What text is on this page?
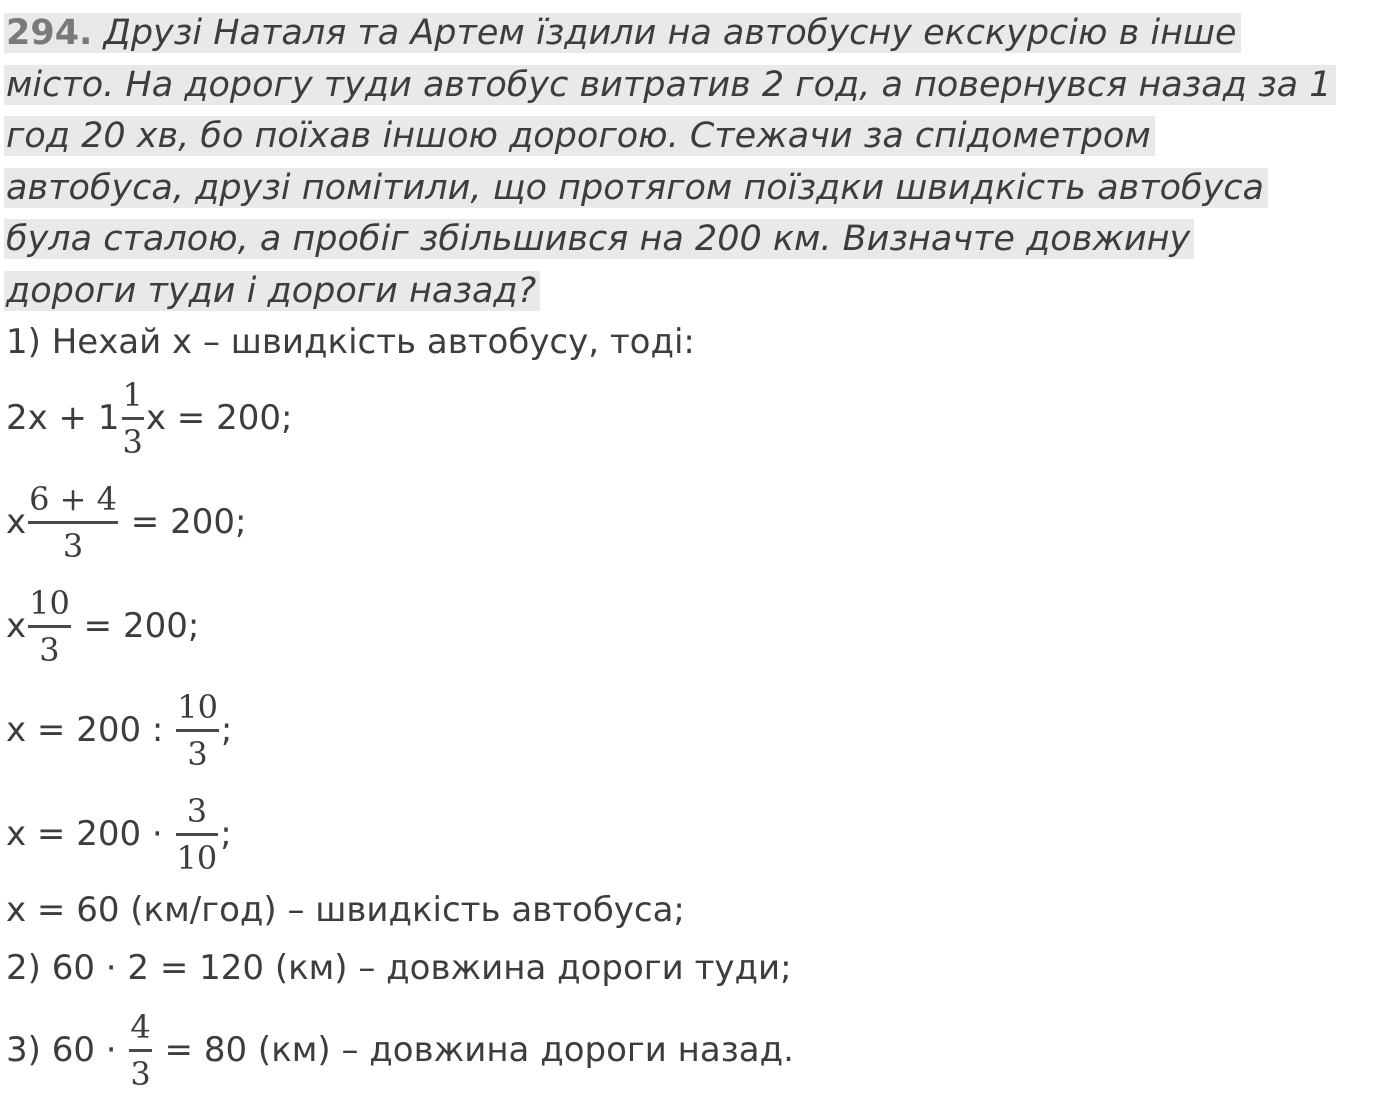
294. Друзі Наталя та Артем їздили на автобусну екскурсію в інше
місто. На дорогу туди автобус витратив 2 год, а повернувся назад за 1
год 20 хв, бо поїхав іншою дорогою. Стежачи за спідометром
автобуса, друзі помітили, що протягом поїздки швидкість автобуса
була сталою, а пробіг збільшився на 200 км. Визначте довжину
дороги туди і дороги назад?
1) Нехай x – швидкість автобусу, тоді:
$2x + 1 \frac{1}{3}$ x = 200;
x $\frac{6 + 4}{3} = 200$;
x $\frac{10}{3} = 200$;
x = 200 : $\frac{10}{3}$ ;
$x = 200 \cdot \frac{3}{10}$ ;
x = 60 (км/год) – швидкість автобуса;
2) 60 · 2 = 120 (км) – довжина дороги туди;
3) $60 \cdot \frac{4}{3} = 80$ (км) – довжина дороги назад.
